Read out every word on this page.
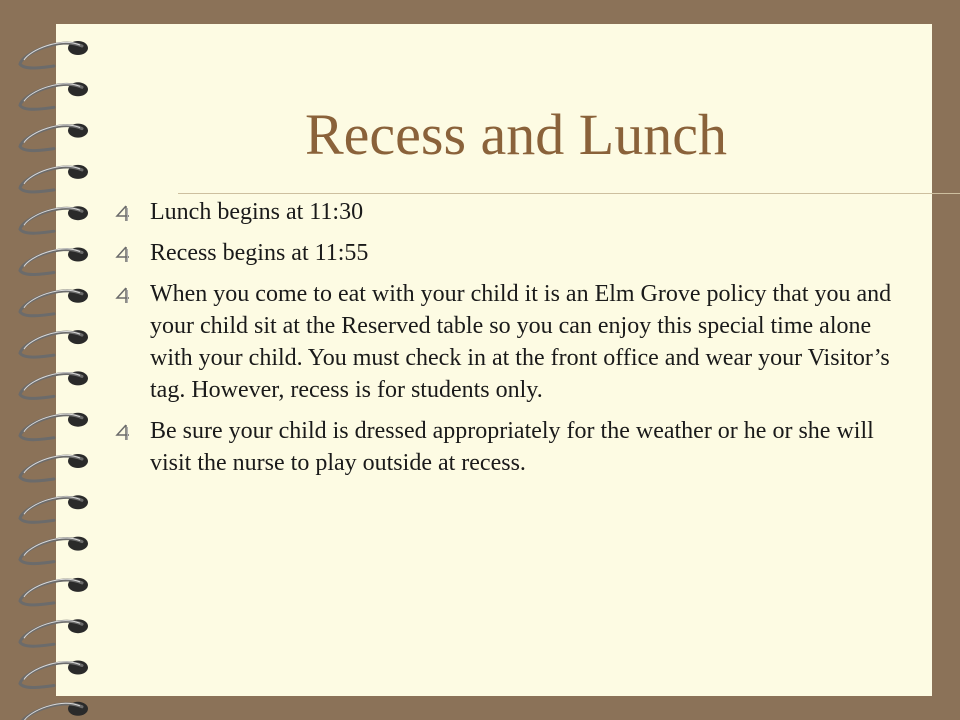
Recess and Lunch
Lunch begins at 11:30
Recess begins at 11:55
When you come to eat with your child it is an Elm Grove policy that you and your child sit at the Reserved table so you can enjoy this special time alone with your child. You must check in at the front office and wear your Visitor’s tag. However, recess is for students only.
Be sure your child is dressed appropriately for the weather or he or she will visit the nurse to play outside at recess.
